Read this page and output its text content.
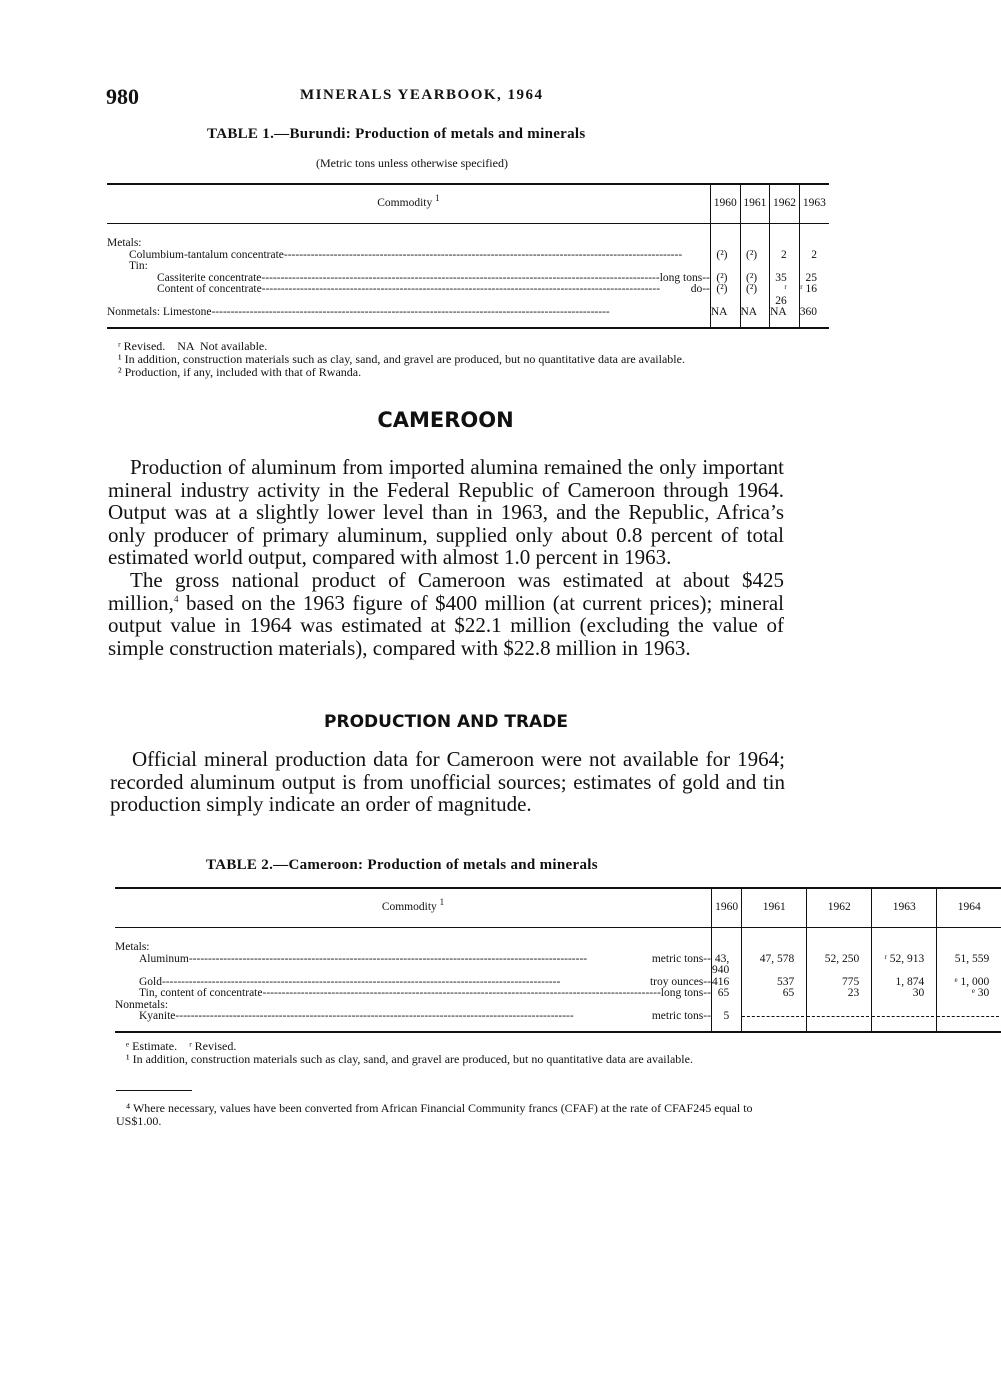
980	MINERALS YEARBOOK, 1964
TABLE 1.—Burundi: Production of metals and minerals
(Metric tons unless otherwise specified)
Commodity $^1$	1960	1961	1962	1963

Metals:				

Columbium-tantalum concentrate
-----	(²)	(²)	2	2

Tin:				

Cassiterite concentrate ----- long tons --	(²)	(²)	35	25

Content of concentrate ----- do --	(²)	(²)	ʳ 26	ʳ 16

Nonmetals: Limestone
-----	NA	NA	NA	360
ʳ Revised.    NA  Not available.
¹ In addition, construction materials such as clay, sand, and gravel are produced, but no quantitative data are available.
² Production, if any, included with that of Rwanda.
CAMEROON

Production of aluminum from imported alumina remained the only important mineral industry activity in the Federal Republic of Cameroon through 1964. Output was at a slightly lower level than in 1963, and the Republic, Africa’s only producer of primary aluminum, supplied only about 0.8 percent of total estimated world output, compared with almost 1.0 percent in 1963.

The gross national product of Cameroon was estimated at about $425 million,$^4$ based on the 1963 figure of $400 million (at current prices); mineral output value in 1964 was estimated at $22.1 million (excluding the value of simple construction materials), compared with $22.8 million in 1963.

PRODUCTION AND TRADE

Official mineral production data for Cameroon were not available for 1964; recorded aluminum output is from unofficial sources; estimates of gold and tin production simply indicate an order of magnitude.

TABLE 2.—Cameroon: Production of metals and minerals
Commodity $^1$	1960	1961	1962	1963	1964

Metals:					

Aluminum ----- metric tons --	43, 940	47, 578	52, 250	ʳ 52, 913	51, 559

Gold ----- troy ounces --	416	537	775	1, 874	ᵉ 1, 000

Tin, content of concentrate ----- long tons --	65	65	23	30	ᵉ 30

Nonmetals:					

Kyanite ----- metric tons --	5				
ᵉ Estimate.    ʳ Revised.
¹ In addition, construction materials such as clay, sand, and gravel are produced, but no quantitative data are available.
⁴ Where necessary, values have been converted from African Financial Community francs (CFAF) at the rate of CFAF245 equal to US$1.00.
